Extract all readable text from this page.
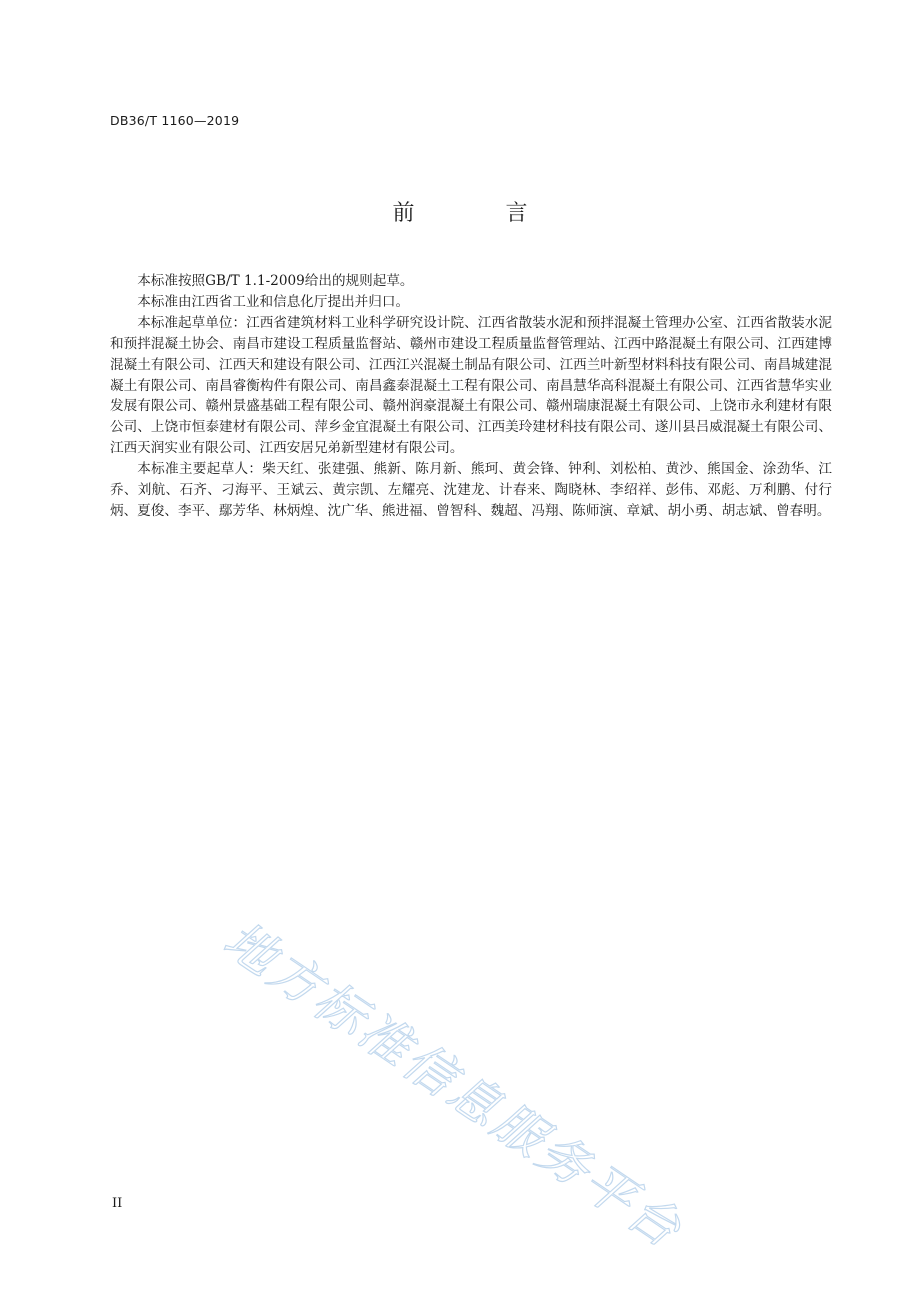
DB36/T 1160—2019
前 言

本标准按照GB/T 1.1-2009给出的规则起草。

本标准由江西省工业和信息化厅提出并归口。

本标准起草单位：江西省建筑材料工业科学研究设计院、江西省散装水泥和预拌混凝土管理办公室、江西省散装水泥和预拌混凝土协会、南昌市建设工程质量监督站、赣州市建设工程质量监督管理站、江西中路混凝土有限公司、江西建博混凝土有限公司、江西天和建设有限公司、江西江兴混凝土制品有限公司、江西兰叶新型材料科技有限公司、南昌城建混凝土有限公司、南昌睿衡构件有限公司、南昌鑫泰混凝土工程有限公司、南昌慧华高科混凝土有限公司、江西省慧华实业发展有限公司、赣州景盛基础工程有限公司、赣州润豪混凝土有限公司、赣州瑞康混凝土有限公司、上饶市永利建材有限公司、上饶市恒泰建材有限公司、萍乡金宜混凝土有限公司、江西美玲建材科技有限公司、遂川县吕威混凝土有限公司、江西天润实业有限公司、江西安居兄弟新型建材有限公司。

本标准主要起草人：柴天红、张建强、熊新、陈月新、熊珂、黄会锋、钟利、刘松柏、黄沙、熊国金、涂劲华、江乔、刘航、石齐、刁海平、王斌云、黄宗凯、左耀亮、沈建龙、计春来、陶晓林、李绍祥、彭伟、邓彪、万利鹏、付行炳、夏俊、李平、鄢芳华、林炳煌、沈广华、熊进福、曾智科、魏超、冯翔、陈师演、章斌、胡小勇、胡志斌、曾春明。

地方标准信息服务平台
II
